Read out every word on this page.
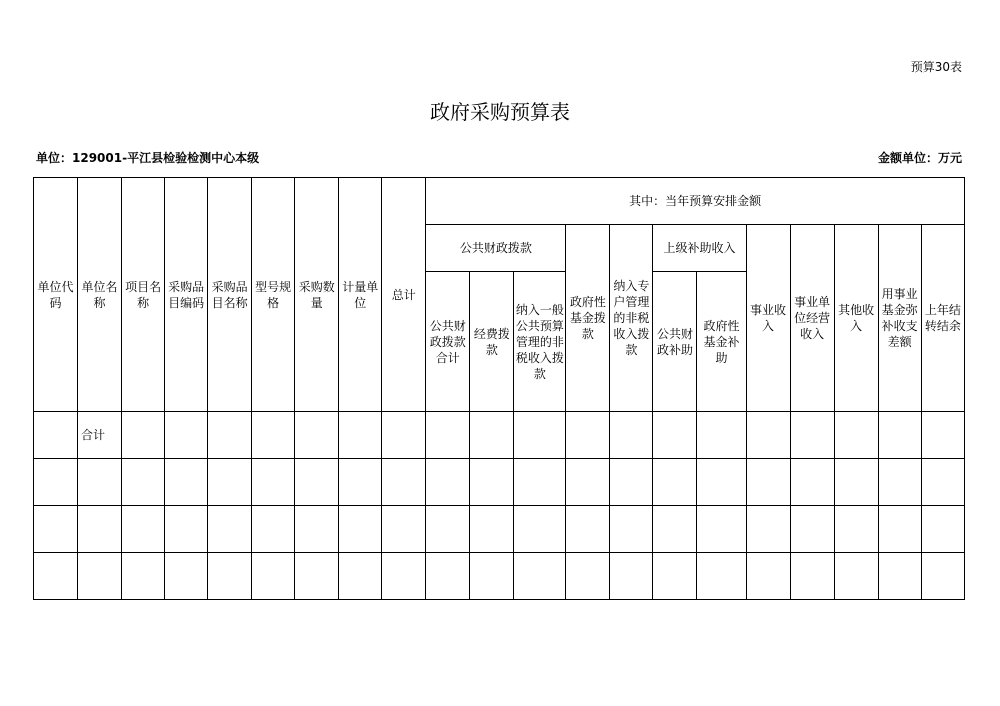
预算30表
政府采购预算表
单位：129001-平江县检验检测中心本级	金额单位：万元
单位代码	单位名称	项目名称	采购品目编码	采购品目名称	型号规格	采购数量	计量单位	总计	其中：当年预算安排金额											
									公共财政拨款			政府性基金拨款	纳入专户管理的非税收入拨款	上级补助收入		事业收入	事业单位经营收入	其他收入	用事业基金弥补收支差额	上年结转结余
									公共财政拨款合计	经费拨款	纳入一般公共预算管理的非税收入拨款			公共财政补助	政府性基金补助					
	合计																			
